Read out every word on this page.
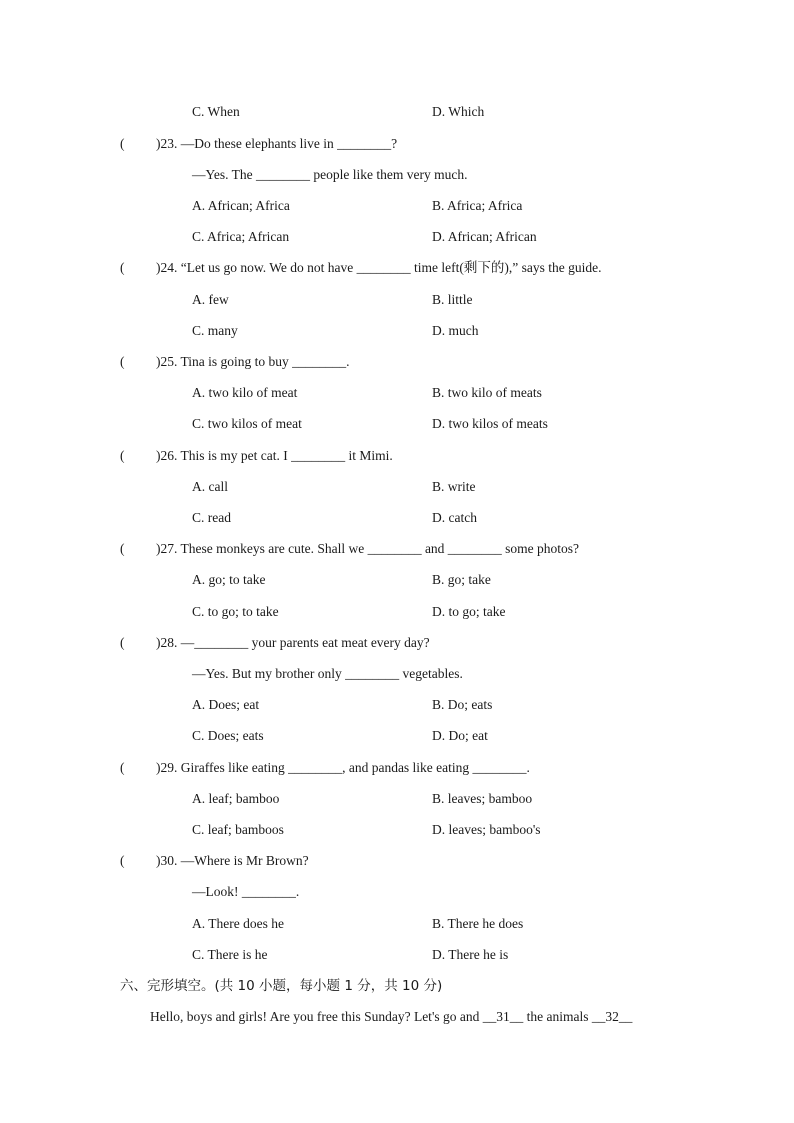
C. When	D. Which
( )23. —Do these elephants live in ________?
—Yes. The ________ people like them very much.
A. African; Africa	B. Africa; Africa
C. Africa; African	D. African; African
( )24. “Let us go now. We do not have ________ time left(剩下的),” says the guide.
A. few	B. little
C. many	D. much
( )25. Tina is going to buy ________.
A. two kilo of meat	B. two kilo of meats
C. two kilos of meat	D. two kilos of meats
( )26. This is my pet cat. I ________ it Mimi.
A. call	B. write
C. read	D. catch
( )27. These monkeys are cute. Shall we ________ and ________ some photos?
A. go; to take	B. go; take
C. to go; to take	D. to go; take
( )28. —________ your parents eat meat every day?
—Yes. But my brother only ________ vegetables.
A. Does; eat	B. Do; eats
C. Does; eats	D. Do; eat
( )29. Giraffes like eating ________, and pandas like eating ________.
A. leaf; bamboo	B. leaves; bamboo
C. leaf; bamboos	D. leaves; bamboo's
( )30. —Where is Mr Brown?
—Look! ________.
A. There does he	B. There he does
C. There is he	D. There he is
六、完形填空。(共 10 小题，每小题 1 分，共 10 分)
Hello, boys and girls! Are you free this Sunday? Let's go and __31__ the animals __32__
